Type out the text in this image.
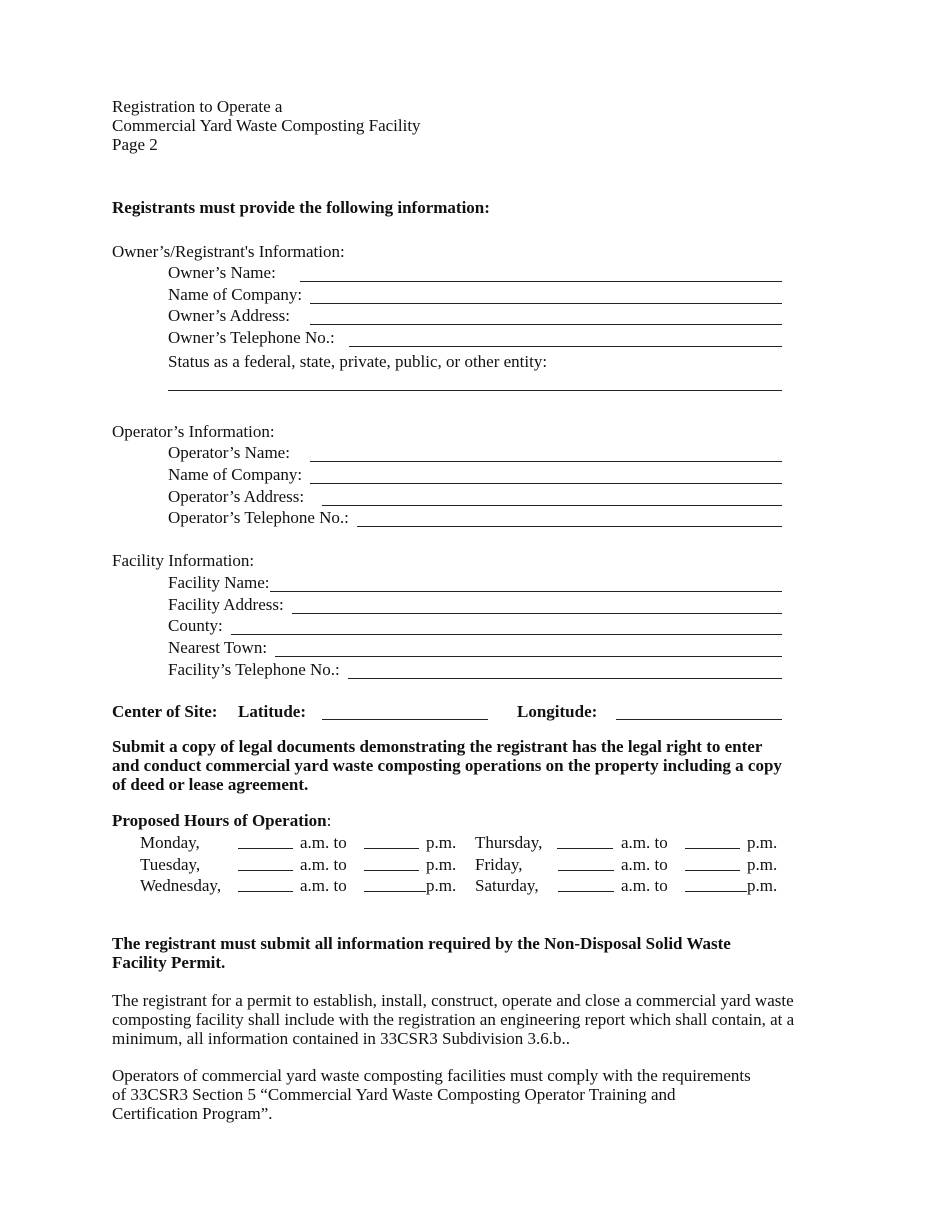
Registration to Operate a
Commercial Yard Waste Composting Facility
Page 2
Registrants must provide the following information:
Owner’s/Registrant's Information:
Owner’s Name:
Name of Company:
Owner’s Address:
Owner’s Telephone No.:
Status as a federal, state, private, public, or other entity:
Operator’s Information:
Operator’s Name:
Name of Company:
Operator’s Address:
Operator’s Telephone No.:
Facility Information:
Facility Name:
Facility Address:
County:
Nearest Town:
Facility’s Telephone No.:
Center of Site: Latitude:	Longitude:
Submit a copy of legal documents demonstrating the registrant has the legal right to enter and conduct commercial yard waste composting operations on the property including a copy of deed or lease agreement.
Proposed Hours of Operation:
Monday,	a.m. to	p.m. Thursday,	a.m. to	p.m.
Tuesday,	a.m. to	p.m. Friday,	a.m. to	p.m.
Wednesday,	a.m. to	p.m. Saturday,	a.m. to	p.m.
The registrant must submit all information required by the Non-Disposal Solid Waste Facility Permit.
The registrant for a permit to establish, install, construct, operate and close a commercial yard waste composting facility shall include with the registration an engineering report which shall contain, at a minimum, all information contained in 33CSR3 Subdivision 3.6.b..
Operators of commercial yard waste composting facilities must comply with the requirements of 33CSR3 Section 5 “Commercial Yard Waste Composting Operator Training and Certification Program”.
